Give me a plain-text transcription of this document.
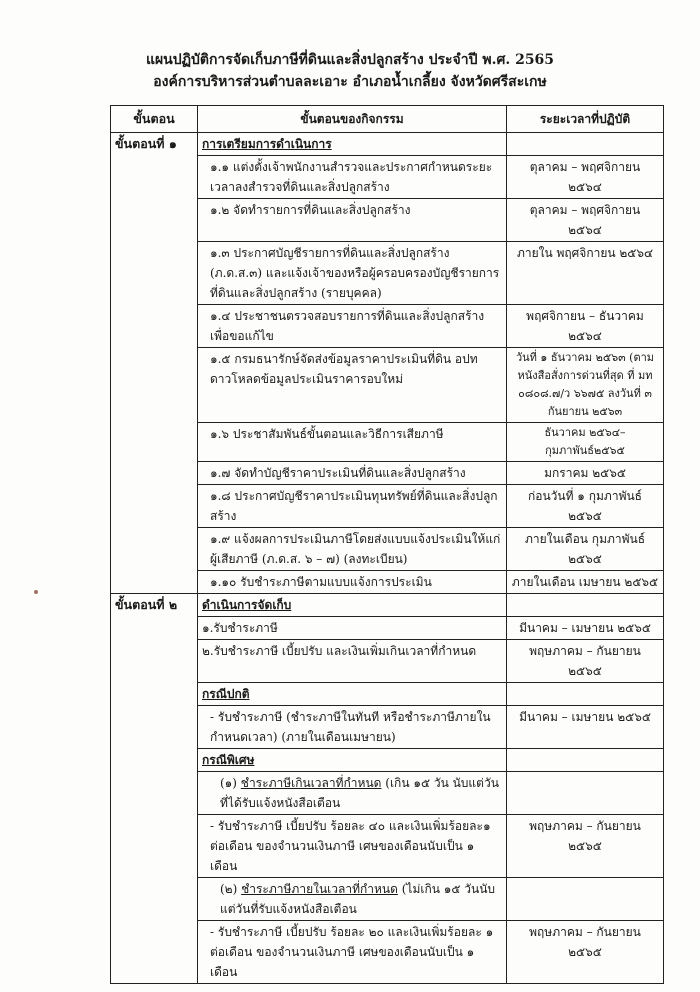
แผนปฏิบัติการจัดเก็บภาษีที่ดินและสิ่งปลูกสร้าง ประจำปี พ.ศ. 2565
องค์การบริหารส่วนตำบลละเอาะ อำเภอน้ำเกลี้ยง จังหวัดศรีสะเกษ
ขั้นตอน	ขั้นตอนของกิจกรรม	ระยะเวลาที่ปฏิบัติ
ขั้นตอนที่ ๑	การเตรียมการดำเนินการ	
	๑.๑ แต่งตั้งเจ้าพนักงานสำรวจและประกาศกำหนดระยะเวลาลงสำรวจที่ดินและสิ่งปลูกสร้าง	ตุลาคม – พฤศจิกายน ๒๕๖๔
	๑.๒ จัดทำรายการที่ดินและสิ่งปลูกสร้าง	ตุลาคม – พฤศจิกายน ๒๕๖๔
	๑.๓ ประกาศบัญชีรายการที่ดินและสิ่งปลูกสร้าง (ภ.ด.ส.๓) และแจ้งเจ้าของหรือผู้ครอบครองบัญชีรายการที่ดินและสิ่งปลูกสร้าง (รายบุคคล)	ภายใน พฤศจิกายน ๒๕๖๔
	๑.๔ ประชาชนตรวจสอบรายการที่ดินและสิ่งปลูกสร้างเพื่อขอแก้ไข	พฤศจิกายน – ธันวาคม ๒๕๖๔
	๑.๕ กรมธนารักษ์จัดส่งข้อมูลราคาประเมินที่ดิน อปท ดาวโหลดข้อมูลประเมินราคารอบใหม่	วันที่ ๑ ธันวาคม ๒๕๖๓ (ตามหนังสือสั่งการด่วนที่สุด ที่ มท ๐๘๐๘.๗/ว ๖๖๗๕ ลงวันที่ ๓ กันยายน ๒๕๖๓
	๑.๖ ประชาสัมพันธ์ขั้นตอนและวิธีการเสียภาษี	ธันวาคม ๒๕๖๔– กุมภาพันธ์๒๕๖๕
	๑.๗ จัดทำบัญชีราคาประเมินที่ดินและสิ่งปลูกสร้าง	มกราคม ๒๕๖๕
	๑.๘ ประกาศบัญชีราคาประเมินทุนทรัพย์ที่ดินและสิ่งปลูกสร้าง	ก่อนวันที่ ๑ กุมภาพันธ์ ๒๕๖๕
	๑.๙ แจ้งผลการประเมินภาษีโดยส่งแบบแจ้งประเมินให้แก่ผู้เสียภาษี (ภ.ด.ส. ๖ – ๗) (ลงทะเบียน)	ภายในเดือน กุมภาพันธ์ ๒๕๖๕
	๑.๑๐ รับชำระภาษีตามแบบแจ้งการประเมิน	ภายในเดือน เมษายน ๒๕๖๕
ขั้นตอนที่ ๒	ดำเนินการจัดเก็บ	
	๑.รับชำระภาษี	มีนาคม – เมษายน ๒๕๖๕
	๒.รับชำระภาษี เบี้ยปรับ และเงินเพิ่มเกินเวลาที่กำหนด	พฤษภาคม – กันยายน ๒๕๖๕
	กรณีปกติ	
	- รับชำระภาษี (ชำระภาษีในทันที หรือชำระภาษีภายในกำหนดเวลา) (ภายในเดือนเมษายน)	มีนาคม – เมษายน ๒๕๖๕
	กรณีพิเศษ	
	(๑) ชำระภาษีเกินเวลาที่กำหนด (เกิน ๑๕ วัน นับแต่วันที่ได้รับแจ้งหนังสือเตือน	
	- รับชำระภาษี เบี้ยปรับ ร้อยละ ๔๐ และเงินเพิ่มร้อยละ๑ ต่อเดือน ของจำนวนเงินภาษี เศษของเดือนนับเป็น ๑ เดือน	พฤษภาคม – กันยายน ๒๕๖๕
	(๒) ชำระภาษีภายในเวลาที่กำหนด (ไม่เกิน ๑๕ วันนับแต่วันที่รับแจ้งหนังสือเตือน	
	- รับชำระภาษี เบี้ยปรับ ร้อยละ ๒๐ และเงินเพิ่มร้อยละ ๑ ต่อเดือน ของจำนวนเงินภาษี เศษของเดือนนับเป็น ๑ เดือน	พฤษภาคม – กันยายน ๒๕๖๕
